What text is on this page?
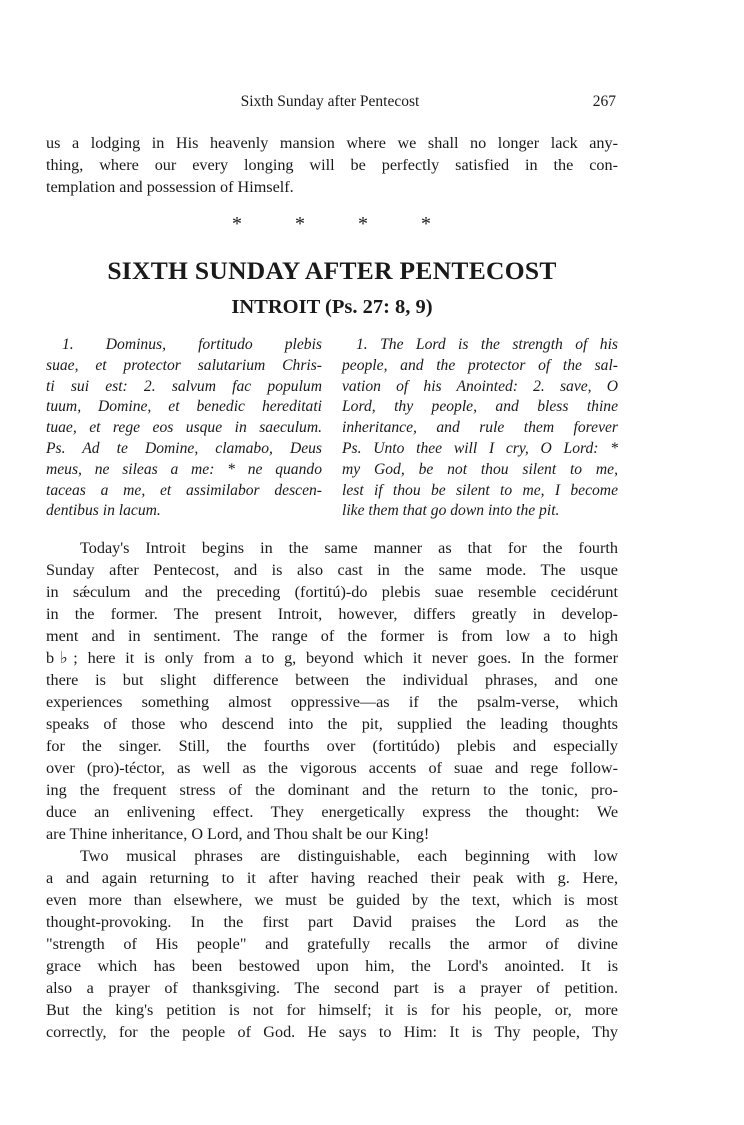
Sixth Sunday after Pentecost	267
us a lodging in His heavenly mansion where we shall no longer lack any-
thing, where our every longing will be perfectly satisfied in the con-
templation and possession of Himself.
*	*	*	*
SIXTH SUNDAY AFTER PENTECOST
INTROIT (Ps. 27: 8, 9)
1. Dominus, fortitudo plebis
suae, et protector salutarium Chris-
ti sui est: 2. salvum fac populum
tuum, Domine, et benedic hereditati
tuae, et rege eos usque in saeculum.
Ps. Ad te Domine, clamabo, Deus
meus, ne sileas a me: * ne quando
taceas a me, et assimilabor descen-
dentibus in lacum.
1. The Lord is the strength of his
people, and the protector of the sal-
vation of his Anointed: 2. save, O
Lord, thy people, and bless thine
inheritance, and rule them forever
Ps. Unto thee will I cry, O Lord: *
my God, be not thou silent to me,
lest if thou be silent to me, I become
like them that go down into the pit.
Today's Introit begins in the same manner as that for the fourth
Sunday after Pentecost, and is also cast in the same mode. The usque
in sǽculum and the preceding (fortitú)-do plebis suae resemble cecidérunt
in the former. The present Introit, however, differs greatly in develop-
ment and in sentiment. The range of the former is from low a to high
b♭; here it is only from a to g, beyond which it never goes. In the former
there is but slight difference between the individual phrases, and one
experiences something almost oppressive—as if the psalm-verse, which
speaks of those who descend into the pit, supplied the leading thoughts
for the singer. Still, the fourths over (fortitúdo) plebis and especially
over (pro)-téctor, as well as the vigorous accents of suae and rege follow-
ing the frequent stress of the dominant and the return to the tonic, pro-
duce an enlivening effect. They energetically express the thought: We
are Thine inheritance, O Lord, and Thou shalt be our King!
Two musical phrases are distinguishable, each beginning with low
a and again returning to it after having reached their peak with g. Here,
even more than elsewhere, we must be guided by the text, which is most
thought-provoking. In the first part David praises the Lord as the
"strength of His people" and gratefully recalls the armor of divine
grace which has been bestowed upon him, the Lord's anointed. It is
also a prayer of thanksgiving. The second part is a prayer of petition.
But the king's petition is not for himself; it is for his people, or, more
correctly, for the people of God. He says to Him: It is Thy people, Thy
